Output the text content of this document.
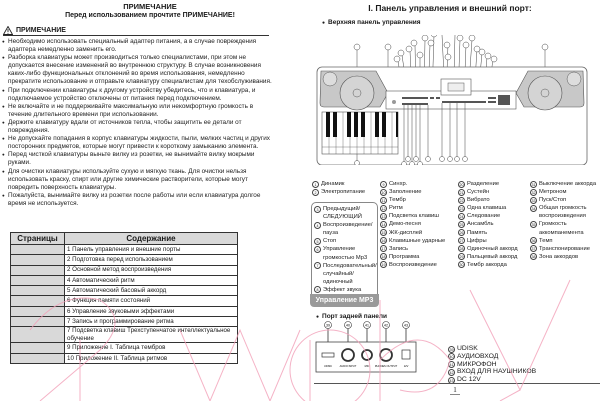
ПРИМЕЧАНИЕ
Перед использованием прочтите ПРИМЕЧАНИЕ!
ПРИМЕЧАНИЕ
● Необходимо использовать специальный адаптер питания, а в случае повреждения адаптера немедленно заменить его.
● Разборка клавиатуры может производиться только специалистами, при этом не допускается внесение изменений во внутреннюю структуру. В случае возникновения каких-либо функциональных отклонений во время использования, немедленно прекратите использование и отправьте клавиатуру специалистам для техобслуживания.
● При подключении клавиатуры к другому устройству убедитесь, что и клавиатура, и подключаемое устройство отключены от питания перед подключением.
● Не включайте и не поддерживайте максимальную или некомфортную громкость в течение длительного времени при использовании.
● Держите клавиатуру вдали от источников тепла, чтобы защитить ее детали от повреждения.
● Не допускайте попадания в корпус клавиатуры жидкости, пыли, мелких частиц и других посторонних предметов, которые могут привести к короткому замыканию элемента.
● Перед чисткой клавиатуры выньте вилку из розетки, не вынимайте вилку мокрыми руками.
● Для очистки клавиатуры используйте сухую и мягкую ткань. Для очистки нельзя использовать краску, спирт или другие химические растворители, которые могут повредить поверхность клавиатуры.
● Пожалуйста, вынимайте вилку из розетки после работы или если клавиатура долгое время не используется.
Страницы	Содержание
	1 Панель управления и внешние порты
	2 Подготовка перед использованием
	2 Основной метод воспроизведения
	4 Автоматический ритм
	5 Автоматический басовый аккорд
	6 Функция памяти состояний
	6 Управление звуковыми эффектами
	7 Запись и программирование ритма
	7 Подсветка клавиш Трехступенчатое интеллектуальное обучение
	9 Приложение I. Таблица тембров
	10 Приложение II. Таблица ритмов
I. Панель управления и внешний порт:
● Верхняя панель управления
1 Динамик
2 Электропитание
3 Предыдущий/ СЛЕДУЮЩИЙ
4 Воспроизведение/пауза
5 Стоп
6 Управление громкостью Mp3
7 Последовательный/случайный/ одиночный
8 Эффект звука
Управление MP3
9 Синхр.
10 Заполнение
11 Тембр
12 Ритм
13 Подсветка клавиш
14 Демо-песня
15 ЖК-дисплей
16 Клавишные ударные
17 Запись
18 Программа
19 Воспроизведение
20 Разделение
21 Сустейн
22 Вибрато
23 Одна клавиша
24 Следование
25 Ансамбль
26 Память
27 Цифры
28 Одиночный аккорд
29 Пальцевый аккорд
30 Тембр аккорда
31 Выключение аккорда
32 Метроном
33 Пуск/Стоп
34 Общая громкость воспроизведения
35 Громкость аккомпанемента
36 Темп
37 Транспонирование
38 Зона аккордов
● Порт задней панели
39	40	41	42	43
UDISK	AUDIO INPUT	MIC PHONES OUTPUT	12V
39 UDISK
40 АУДИОВХОД
41 МИКРОФОН
42 ВХОД ДЛЯ НАУШНИКОВ
43 DC 12V
1
